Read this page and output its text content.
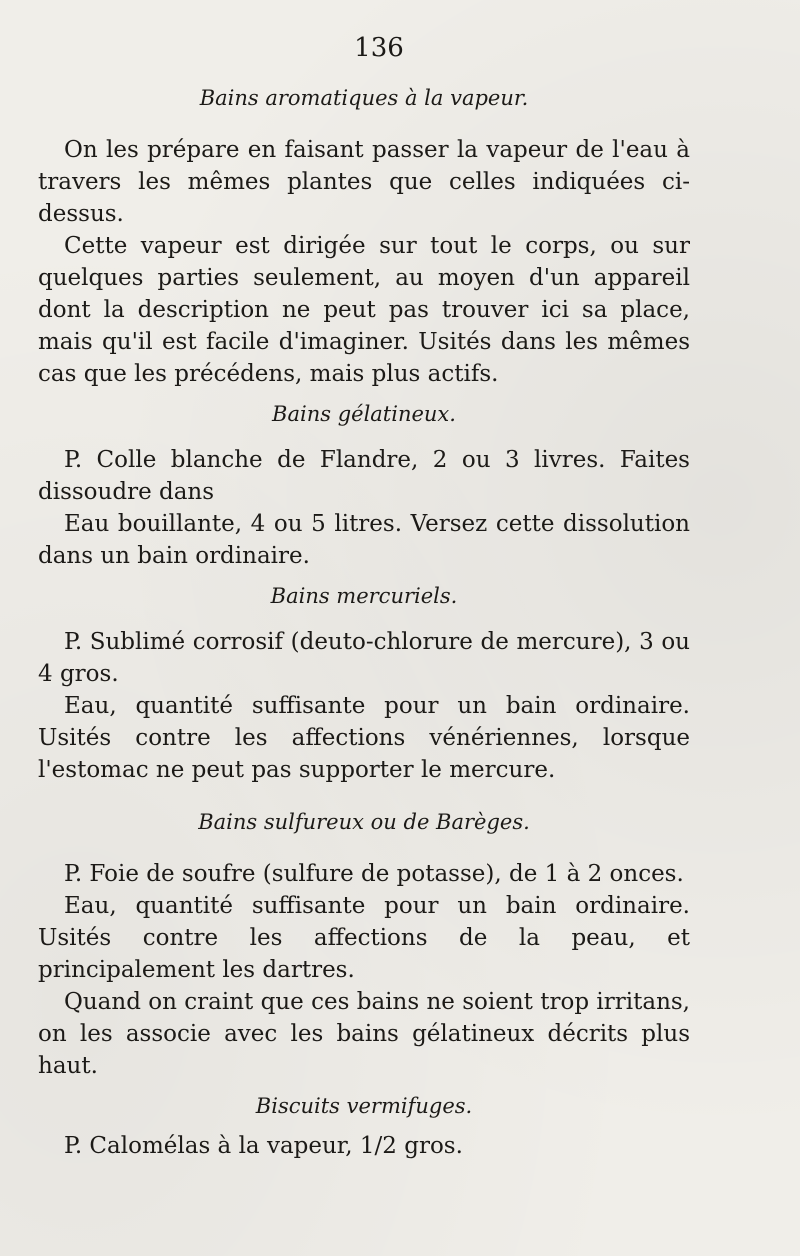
136
Bains aromatiques à la vapeur.

On les prépare en faisant passer la vapeur de l'eau à travers les mêmes plantes que celles indiquées ci-dessus.

Cette vapeur est dirigée sur tout le corps, ou sur quelques parties seulement, au moyen d'un appareil dont la description ne peut pas trouver ici sa place, mais qu'il est facile d'imaginer. Usités dans les mêmes cas que les précédens, mais plus actifs.

Bains gélatineux.

P. Colle blanche de Flandre, 2 ou 3 livres. Faites dissoudre dans

Eau bouillante, 4 ou 5 litres. Versez cette dissolution dans un bain ordinaire.

Bains mercuriels.

P. Sublimé corrosif (deuto-chlorure de mercure), 3 ou 4 gros.

Eau, quantité suffisante pour un bain ordinaire. Usités contre les affections vénériennes, lorsque l'estomac ne peut pas supporter le mercure.

Bains sulfureux ou de Barèges.

P. Foie de soufre (sulfure de potasse), de 1 à 2 onces.

Eau, quantité suffisante pour un bain ordinaire. Usités contre les affections de la peau, et principalement les dartres.

Quand on craint que ces bains ne soient trop irritans, on les associe avec les bains gélatineux décrits plus haut.

Biscuits vermifuges.

P. Calomélas à la vapeur, 1/2 gros.
